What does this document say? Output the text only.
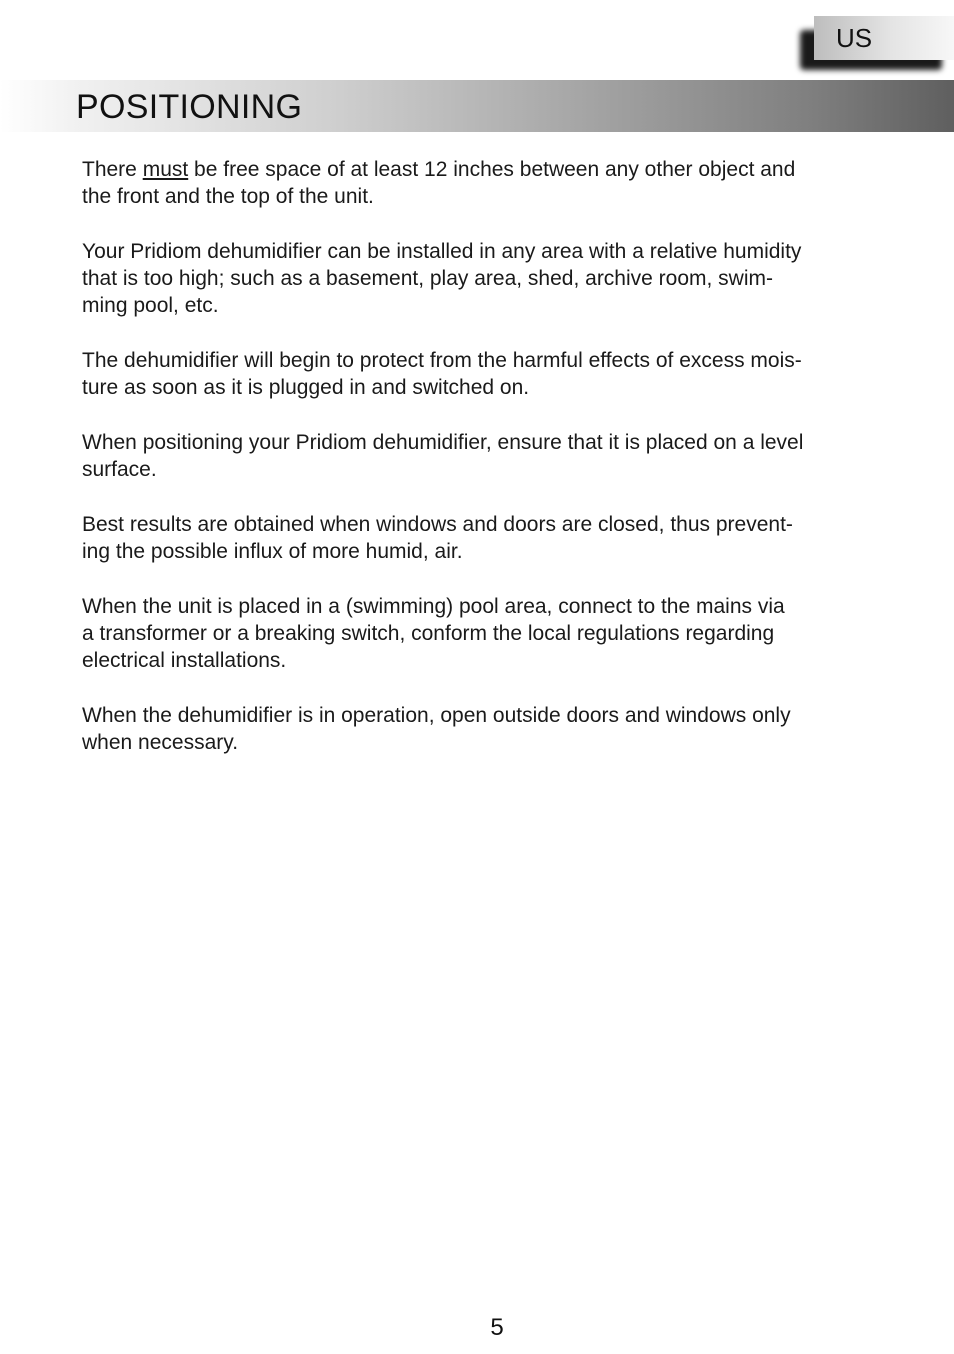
US
POSITIONING

There must be free space of at least 12 inches between any other object and
the front and the top of the unit.

Your Pridiom dehumidifier can be installed in any area with a relative humidity
that is too high; such as a basement, play area, shed, archive room, swim-
ming pool, etc.

The dehumidifier will begin to protect from the harmful effects of excess mois-
ture as soon as it is plugged in and switched on.

When positioning your Pridiom dehumidifier, ensure that it is placed on a level
surface.

Best results are obtained when windows and doors are closed, thus prevent-
ing the possible influx of more humid, air.

When the unit is placed in a (swimming) pool area, connect to the mains via
a transformer or a breaking switch, conform the local regulations regarding
electrical installations.

When the dehumidifier is in operation, open outside doors and windows only
when necessary.

5
